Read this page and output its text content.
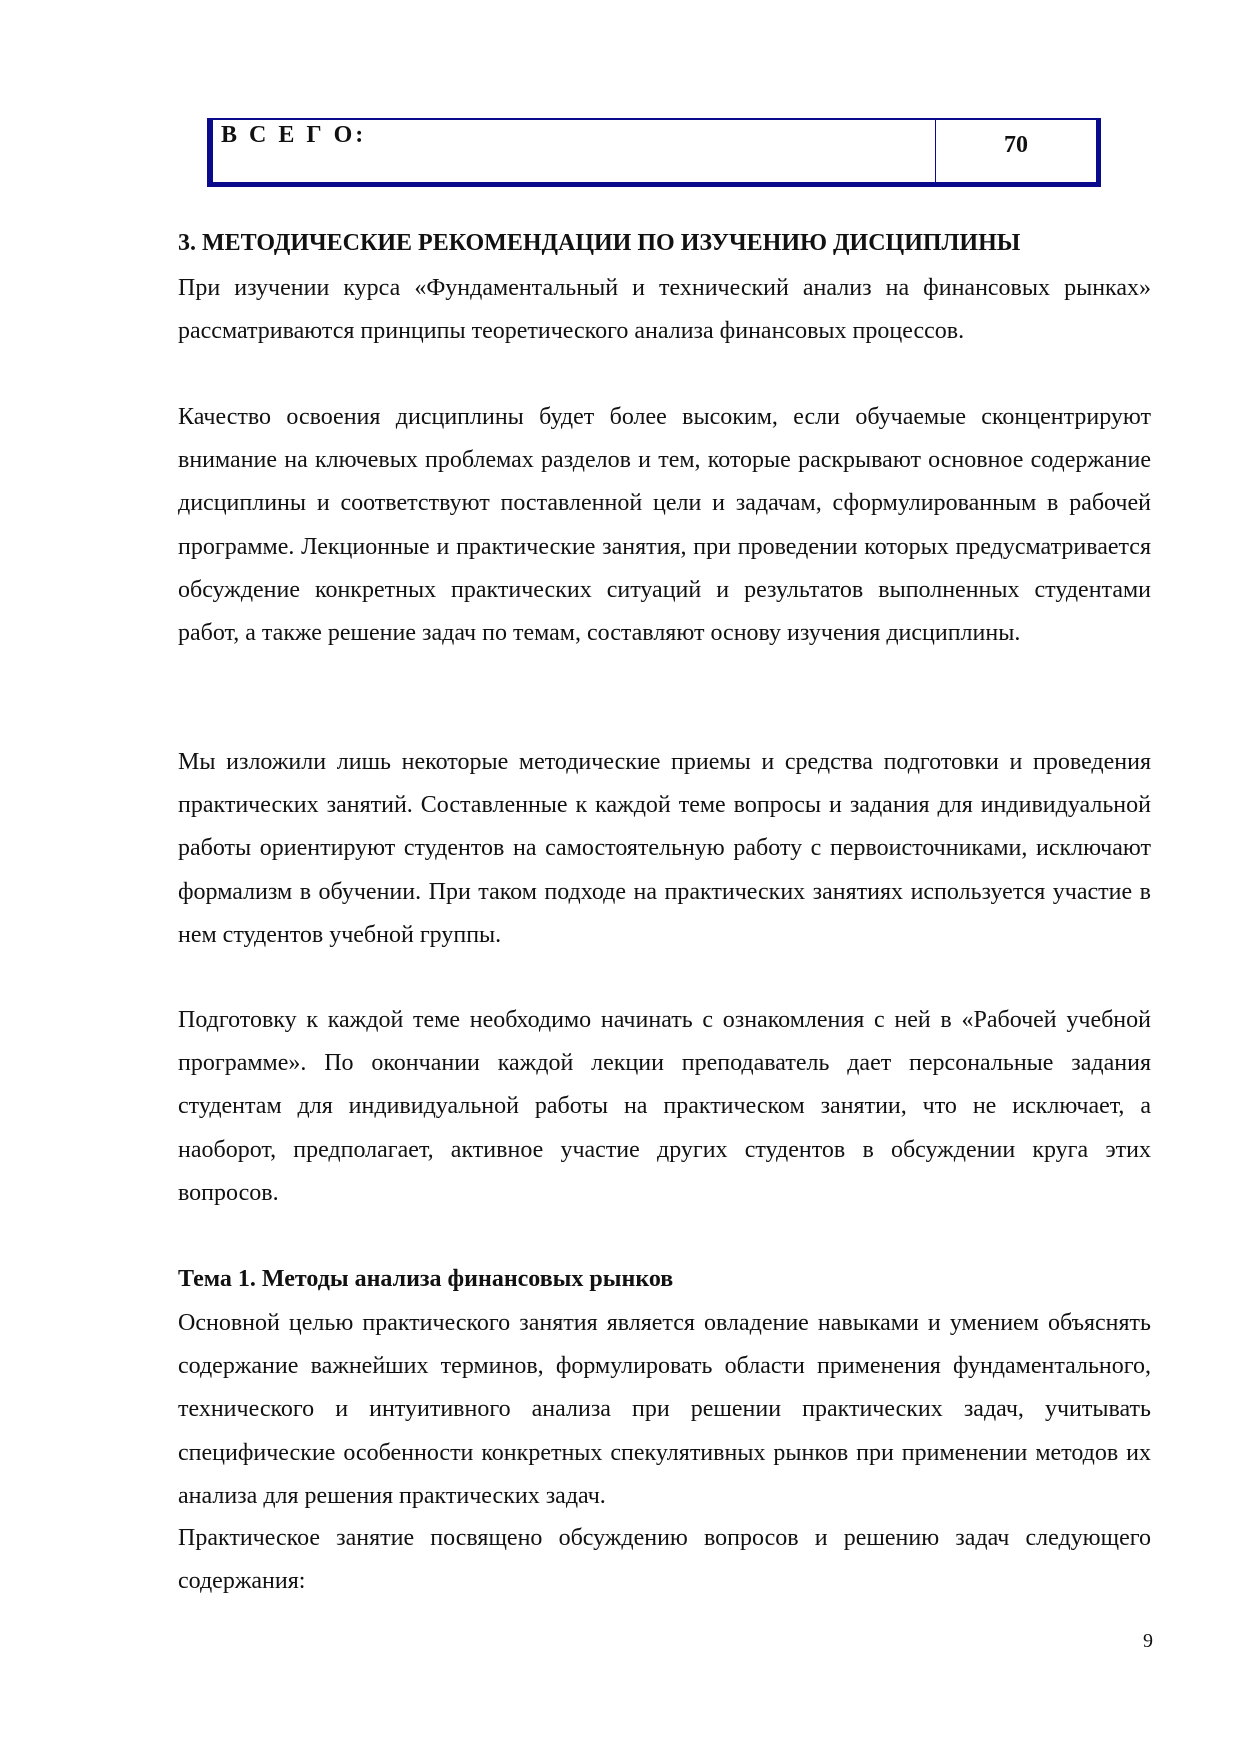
В С Е Г О:	70
3. МЕТОДИЧЕСКИЕ РЕКОМЕНДАЦИИ ПО ИЗУЧЕНИЮ ДИСЦИПЛИНЫ

При изучении курса «Фундаментальный и технический анализ на финансовых рынках» рассматриваются принципы теоретического анализа финансовых процессов.

Качество освоения дисциплины будет более высоким, если обучаемые сконцентрируют внимание на ключевых проблемах разделов и тем, которые раскрывают основное содержание дисциплины и соответствуют поставленной цели и задачам, сформулированным в рабочей программе. Лекционные и практические занятия, при проведении которых предусматривается обсуждение конкретных практических ситуаций и результатов выполненных студентами работ, а также решение задач по темам, составляют основу изучения дисциплины.

Мы изложили лишь некоторые методические приемы и средства подготовки и проведения практических занятий. Составленные к каждой теме вопросы и задания для индивидуальной работы ориентируют студентов на самостоятельную работу с первоисточниками, исключают формализм в обучении. При таком подходе на практических занятиях используется участие в нем студентов учебной группы.

Подготовку к каждой теме необходимо начинать с ознакомления с ней в «Рабочей учебной программе». По окончании каждой лекции преподаватель дает персональные задания студентам для индивидуальной работы на практическом занятии, что не исключает, а наоборот, предполагает, активное участие других студентов в обсуждении круга этих вопросов.

Тема 1. Методы анализа финансовых рынков

Основной целью практического занятия является овладение навыками и умением объяснять содержание важнейших терминов, формулировать области применения фундаментального, технического и интуитивного анализа при решении практических задач, учитывать специфические особенности конкретных спекулятивных рынков при применении методов их анализа для решения практических задач.

Практическое занятие посвящено обсуждению вопросов и решению задач следующего содержания:

9
